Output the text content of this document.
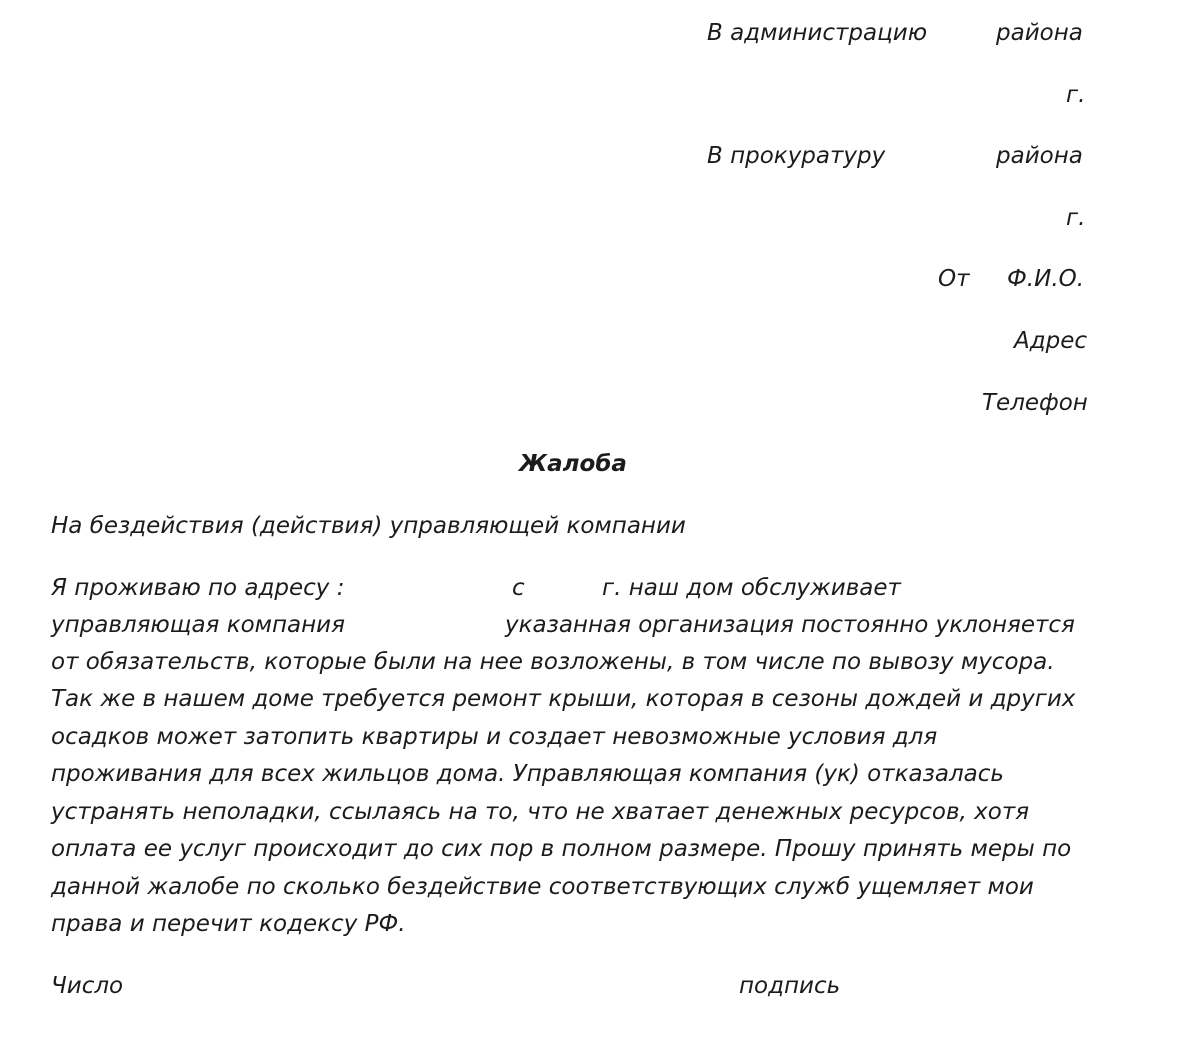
В администрацию	района
г.
В прокуратуру	района
г.
От Ф.И.О.
Адрес
Телефон
Жалоба
На бездействия (действия) управляющей компании
Я проживаю по адресу :	с	г. наш дом обслуживает
управляющая компания	указанная организация постоянно уклоняется
от обязательств, которые были на нее возложены, в том числе по вывозу мусора.
Так же в нашем доме требуется ремонт крыши, которая в сезоны дождей и других
осадков может затопить квартиры и создает невозможные условия для
проживания для всех жильцов дома. Управляющая компания (ук) отказалась
устранять неполадки, ссылаясь на то, что не хватает денежных ресурсов, хотя
оплата ее услуг происходит до сих пор в полном размере. Прошу принять меры по
данной жалобе по сколько бездействие соответствующих служб ущемляет мои
права и перечит кодексу РФ.
Число	подпись
